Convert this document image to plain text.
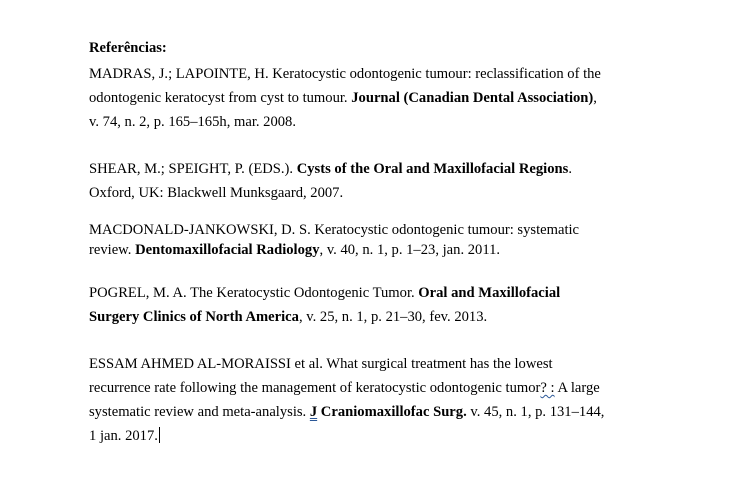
Referências:
MADRAS, J.; LAPOINTE, H. Keratocystic odontogenic tumour: reclassification of the
odontogenic keratocyst from cyst to tumour. Journal (Canadian Dental Association),
v. 74, n. 2, p. 165–165h, mar. 2008.
SHEAR, M.; SPEIGHT, P. (EDS.). Cysts of the Oral and Maxillofacial Regions.
Oxford, UK: Blackwell Munksgaard, 2007.
MACDONALD-JANKOWSKI, D. S. Keratocystic odontogenic tumour: systematic
review. Dentomaxillofacial Radiology, v. 40, n. 1, p. 1–23, jan. 2011.
POGREL, M. A. The Keratocystic Odontogenic Tumor. Oral and Maxillofacial
Surgery Clinics of North America, v. 25, n. 1, p. 21–30, fev. 2013.
ESSAM AHMED AL-MORAISSI et al. What surgical treatment has the lowest
recurrence rate following the management of keratocystic odontogenic tumor? : A large
systematic review and meta-analysis. J Craniomaxillofac Surg. v. 45, n. 1, p. 131–144,
1 jan. 2017.
